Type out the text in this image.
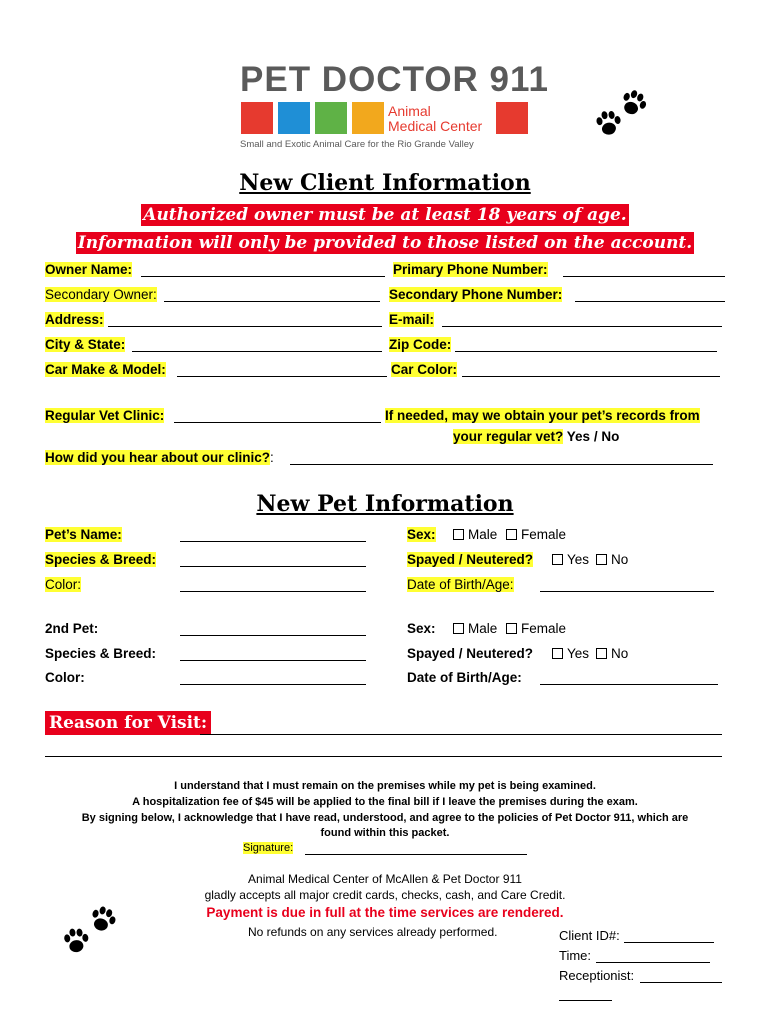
PET DOCTOR 911
Animal
Medical Center
Small and Exotic Animal Care for the Rio Grande Valley
New Client Information
Authorized owner must be at least 18 years of age.
Information will only be provided to those listed on the account.
Owner Name:	Primary Phone Number:
Secondary Owner:	Secondary Phone Number:
Address:	E-mail:
City & State:	Zip Code:
Car Make & Model:	Car Color:
Regular Vet Clinic:	If needed, may we obtain your pet’s records from
your regular vet? Yes / No
How did you hear about our clinic?:
New Pet Information
Pet’s Name:	Sex:	Male	Female
Species & Breed:	Spayed / Neutered?	Yes	No
Color:	Date of Birth/Age:
2nd Pet:	Sex:	Male	Female
Species & Breed:	Spayed / Neutered?	Yes	No
Color:	Date of Birth/Age:
Reason for Visit:
I understand that I must remain on the premises while my pet is being examined.
A hospitalization fee of $45 will be applied to the final bill if I leave the premises during the exam.
By signing below, I acknowledge that I have read, understood, and agree to the policies of Pet Doctor 911, which are
found within this packet.
Signature:
Animal Medical Center of McAllen & Pet Doctor 911
gladly accepts all major credit cards, checks, cash, and Care Credit.
Payment is due in full at the time services are rendered.
No refunds on any services already performed.	Client ID#:
Time:
Receptionist:
